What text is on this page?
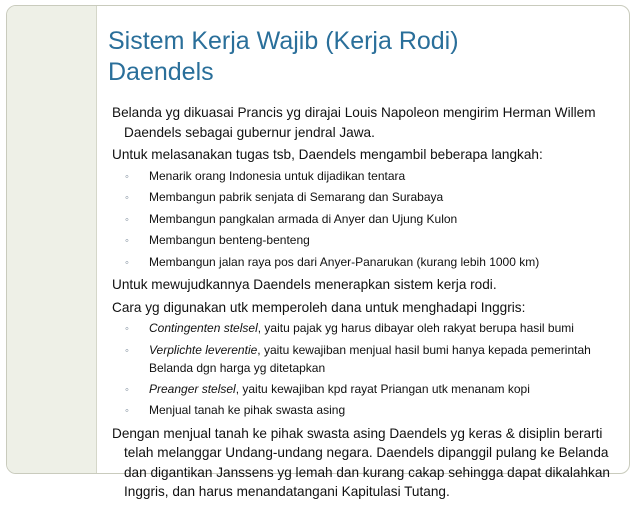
Sistem Kerja Wajib (Kerja Rodi)
Daendels

Belanda yg dikuasai Prancis yg dirajai Louis Napoleon mengirim Herman Willem Daendels sebagai gubernur jendral Jawa.

Untuk melasanakan tugas tsb, Daendels mengambil beberapa langkah:

◦ Menarik orang Indonesia untuk dijadikan tentara

◦ Membangun pabrik senjata di Semarang dan Surabaya

◦ Membangun pangkalan armada di Anyer dan Ujung Kulon

◦ Membangun benteng-benteng

◦ Membangun jalan raya pos dari Anyer-Panarukan (kurang lebih 1000 km)

Untuk mewujudkannya Daendels menerapkan sistem kerja rodi.

Cara yg digunakan utk memperoleh dana untuk menghadapi Inggris:

◦ Contingenten stelsel, yaitu pajak yg harus dibayar oleh rakyat berupa hasil bumi

◦ Verplichte leverentie, yaitu kewajiban menjual hasil bumi hanya kepada pemerintah Belanda dgn harga yg ditetapkan

◦ Preanger stelsel, yaitu kewajiban kpd rayat Priangan utk menanam kopi

◦ Menjual tanah ke pihak swasta asing

Dengan menjual tanah ke pihak swasta asing Daendels yg keras & disiplin berarti telah melanggar Undang-undang negara. Daendels dipanggil pulang ke Belanda dan digantikan Janssens yg lemah dan kurang cakap sehingga dapat dikalahkan Inggris, dan harus menandatangani Kapitulasi Tutang.
